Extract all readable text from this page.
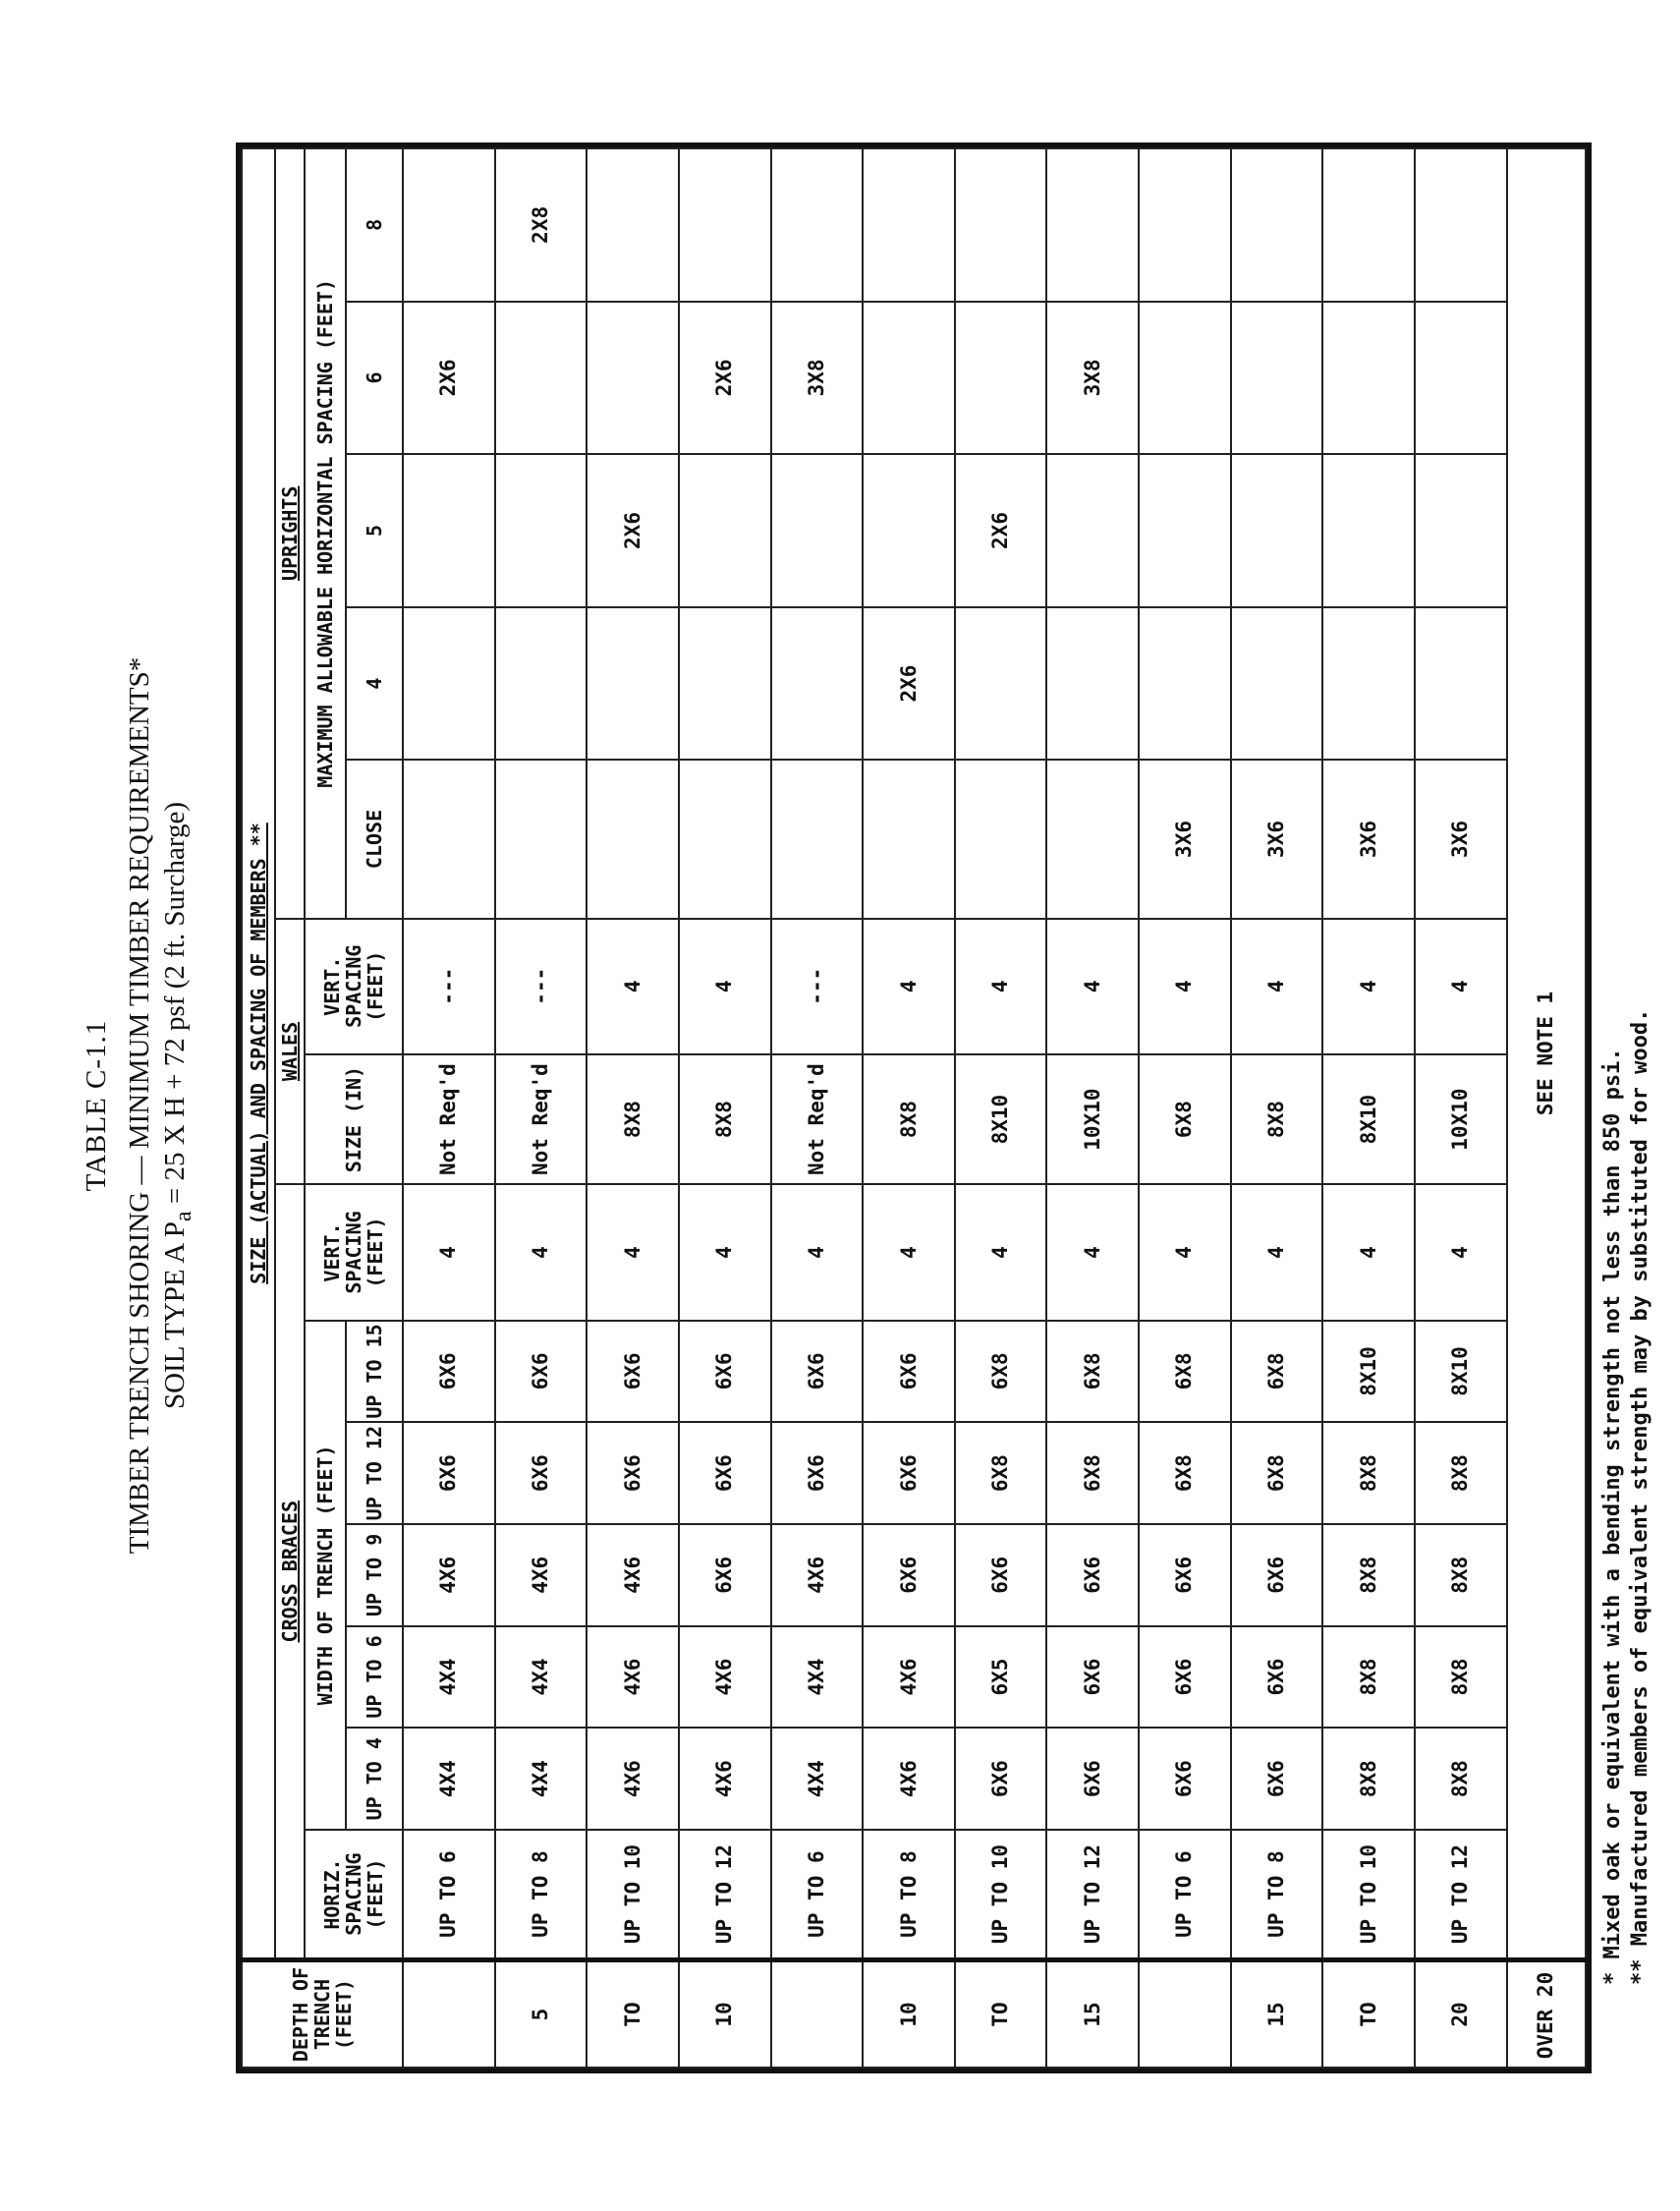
TABLE C-1.1 TIMBER TRENCH SHORING — MINIMUM TIMBER REQUIREMENTS* SOIL TYPE A $P_a = 25$ X H + 72 psf (2 ft. Surcharge)
DEPTH OF TRENCH (FEET)	SIZE (ACTUAL) AND SPACING OF MEMBERS **													
	CROSS BRACES							WALES		UPRIGHTS				
	HORIZ. SPACING (FEET)	WIDTH OF TRENCH (FEET)					VERT. SPACING (FEET)	SIZE (IN)	VERT. SPACING (FEET)	MAXIMUM ALLOWABLE HORIZONTAL SPACING (FEET)				
		UP TO 4	UP TO 6	UP TO 9	UP TO 12	UP TO 15				CLOSE	4	5	6	8
	UP TO 6	4X4	4X4	4X6	6X6	6X6	4	Not Req'd	---				2X6	
5	UP TO 8	4X4	4X4	4X6	6X6	6X6	4	Not Req'd	---					2X8
TO	UP TO 10	4X6	4X6	4X6	6X6	6X6	4	8X8	4			2X6		
10	UP TO 12	4X6	4X6	6X6	6X6	6X6	4	8X8	4				2X6	
	UP TO 6	4X4	4X4	4X6	6X6	6X6	4	Not Req'd	---				3X8	
10	UP TO 8	4X6	4X6	6X6	6X6	6X6	4	8X8	4		2X6			
TO	UP TO 10	6X6	6X5	6X6	6X8	6X8	4	8X10	4			2X6		
15	UP TO 12	6X6	6X6	6X6	6X8	6X8	4	10X10	4				3X8	
	UP TO 6	6X6	6X6	6X6	6X8	6X8	4	6X8	4	3X6				
15	UP TO 8	6X6	6X6	6X6	6X8	6X8	4	8X8	4	3X6				
TO	UP TO 10	8X8	8X8	8X8	8X8	8X10	4	8X10	4	3X6				
20	UP TO 12	8X8	8X8	8X8	8X8	8X10	4	10X10	4	3X6				
OVER 20	SEE NOTE 1													* Mixed oak or equivalent with a bending strength not less than 850 psi. ** Manufactured members of equivalent strength may by substituted for wood.
